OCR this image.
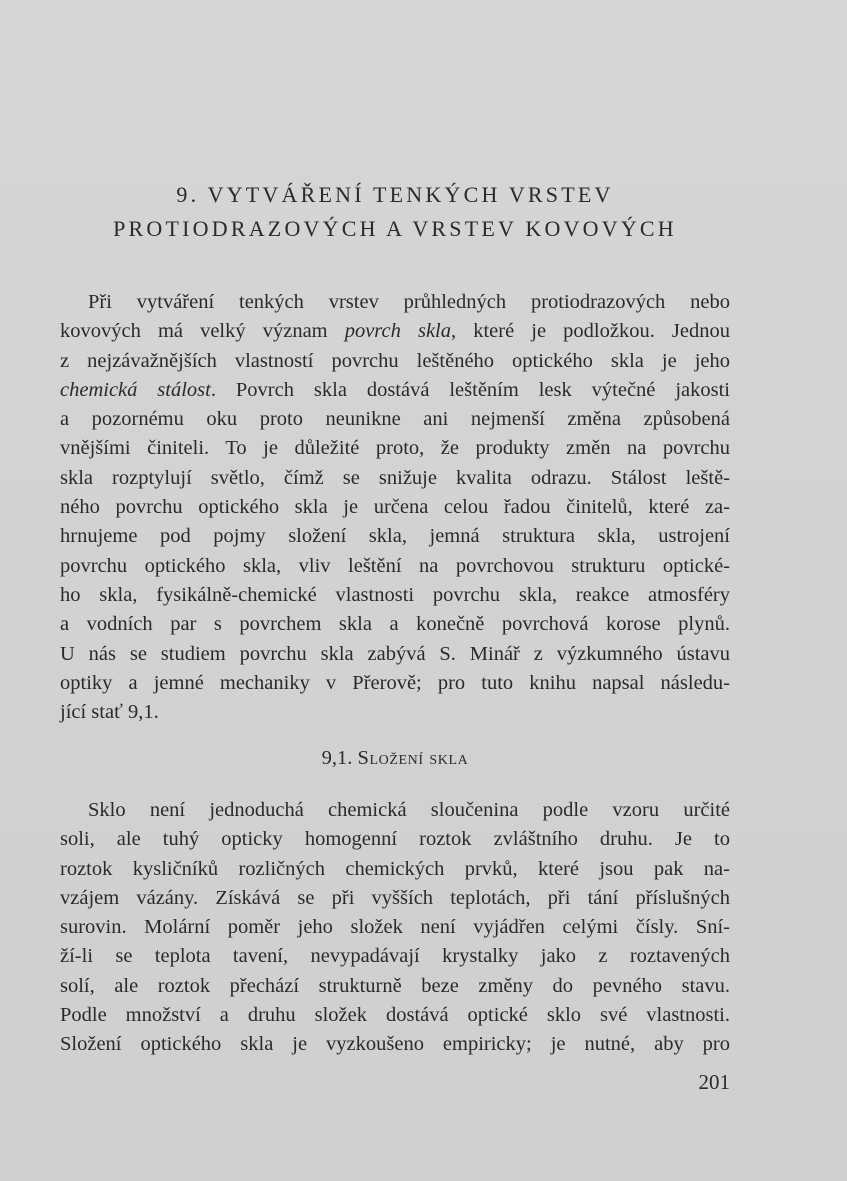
9. VYTVÁŘENÍ TENKÝCH VRSTEV
PROTIODRAZOVÝCH A VRSTEV KOVOVÝCH
Při vytváření tenkých vrstev průhledných protiodrazových nebo
kovových má velký význam povrch skla, které je podložkou. Jednou
z nejzávažnějších vlastností povrchu leštěného optického skla je jeho
chemická stálost. Povrch skla dostává leštěním lesk výtečné jakosti
a pozornému oku proto neunikne ani nejmenší změna způsobená
vnějšími činiteli. To je důležité proto, že produkty změn na povrchu
skla rozptylují světlo, čímž se snižuje kvalita odrazu. Stálost leště-
ného povrchu optického skla je určena celou řadou činitelů, které za-
hrnujeme pod pojmy složení skla, jemná struktura skla, ustrojení
povrchu optického skla, vliv leštění na povrchovou strukturu optické-
ho skla, fysikálně-chemické vlastnosti povrchu skla, reakce atmosféry
a vodních par s povrchem skla a konečně povrchová korose plynů.
U nás se studiem povrchu skla zabývá S. Minář z výzkumného ústavu
optiky a jemné mechaniky v Přerově; pro tuto knihu napsal následu-
jící stať 9,1.
9,1. Složení skla
Sklo není jednoduchá chemická sloučenina podle vzoru určité
soli, ale tuhý opticky homogenní roztok zvláštního druhu. Je to
roztok kysličníků rozličných chemických prvků, které jsou pak na-
vzájem vázány. Získává se při vyšších teplotách, při tání příslušných
surovin. Molární poměr jeho složek není vyjádřen celými čísly. Sní-
ží-li se teplota tavení, nevypadávají krystalky jako z roztavených
solí, ale roztok přechází strukturně beze změny do pevného stavu.
Podle množství a druhu složek dostává optické sklo své vlastnosti.
Složení optického skla je vyzkoušeno empiricky; je nutné, aby pro
201
